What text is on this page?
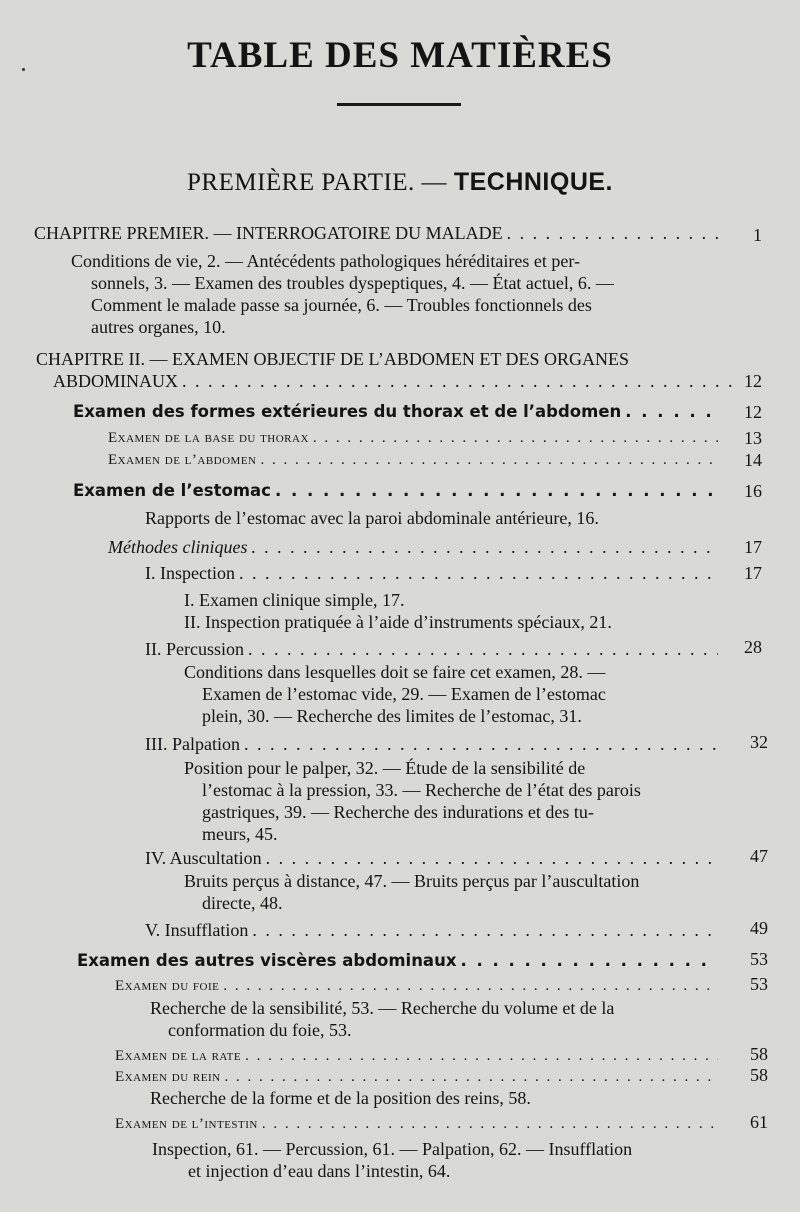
TABLE DES MATIÈRES
PREMIÈRE PARTIE. — TECHNIQUE.
CHAPITRE PREMIER. — INTERROGATOIRE DU MALADE . . .	1
Conditions de vie, 2. — Antécédents pathologiques héréditaires et per-
sonnels, 3. — Examen des troubles dyspeptiques, 4. — État actuel, 6. —
Comment le malade passe sa journée, 6. — Troubles fonctionnels des
autres organes, 10.
CHAPITRE II. — EXAMEN OBJECTIF DE L’ABDOMEN ET DES ORGANES
ABDOMINAUX . . .	12
Examen des formes extérieures du thorax et de l’abdomen . . .	12
Examen de la base du thorax . . .	13
Examen de l’abdomen . . .	14
Examen de l’estomac . . .	16
Rapports de l’estomac avec la paroi abdominale antérieure, 16.
Méthodes cliniques . . .	17
I. Inspection . . .	17
I. Examen clinique simple, 17.
II. Inspection pratiquée à l’aide d’instruments spéciaux, 21.
II. Percussion . . .	28
Conditions dans lesquelles doit se faire cet examen, 28. —
Examen de l’estomac vide, 29. — Examen de l’estomac
plein, 30. — Recherche des limites de l’estomac, 31.
III. Palpation . . .	32
Position pour le palper, 32. — Étude de la sensibilité de
l’estomac à la pression, 33. — Recherche de l’état des parois
gastriques, 39. — Recherche des indurations et des tu-
meurs, 45.
IV. Auscultation . . .	47
Bruits perçus à distance, 47. — Bruits perçus par l’auscultation
directe, 48.
V. Insufflation . . .	49
Examen des autres viscères abdominaux . . .	53
Examen du foie . . .	53
Recherche de la sensibilité, 53. — Recherche du volume et de la
conformation du foie, 53.
Examen de la rate . . .	58
Examen du rein . . .	58
Recherche de la forme et de la position des reins, 58.
Examen de l’intestin . . .	61
Inspection, 61. — Percussion, 61. — Palpation, 62. — Insufflation
et injection d’eau dans l’intestin, 64.
